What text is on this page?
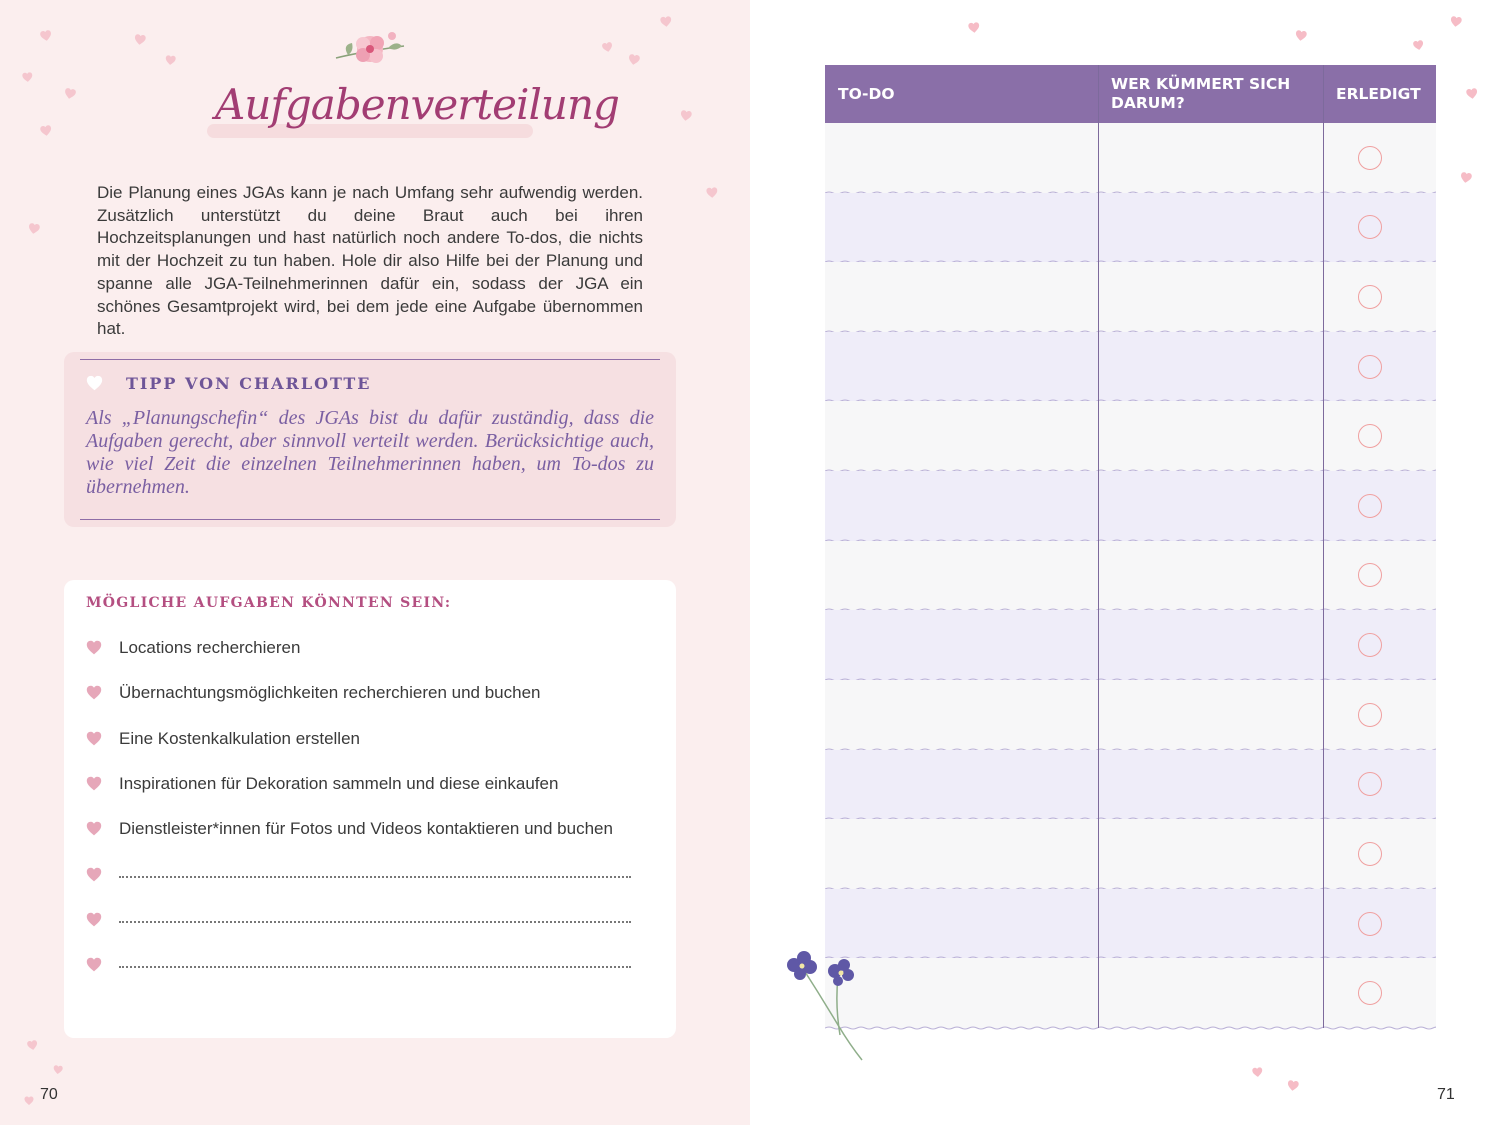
Aufgabenverteilung
Die Planung eines JGAs kann je nach Umfang sehr aufwendig werden. Zusätzlich unterstützt du deine Braut auch bei ihren Hochzeitsplanungen und hast natürlich noch andere To-dos, die nichts mit der Hochzeit zu tun haben. Hole dir also Hilfe bei der Planung und spanne alle JGA-Teilnehmerinnen dafür ein, sodass der JGA ein schönes Gesamtprojekt wird, bei dem jede eine Aufgabe übernommen hat.
TIPP VON CHARLOTTE
Als „Planungschefin“ des JGAs bist du dafür zuständig, dass die Aufgaben gerecht, aber sinnvoll verteilt werden. Berücksichtige auch, wie viel Zeit die einzelnen Teilnehmerinnen haben, um To-dos zu übernehmen.
MÖGLICHE AUFGABEN KÖNNTEN SEIN:
Locations recherchieren
Übernachtungsmöglichkeiten recherchieren und buchen
Eine Kostenkalkulation erstellen
Inspirationen für Dekoration sammeln und diese einkaufen
Dienstleister*innen für Fotos und Videos kontaktieren und buchen
70	71
TO-DO
WER KÜMMERT SICH DARUM?
ERLEDIGT
